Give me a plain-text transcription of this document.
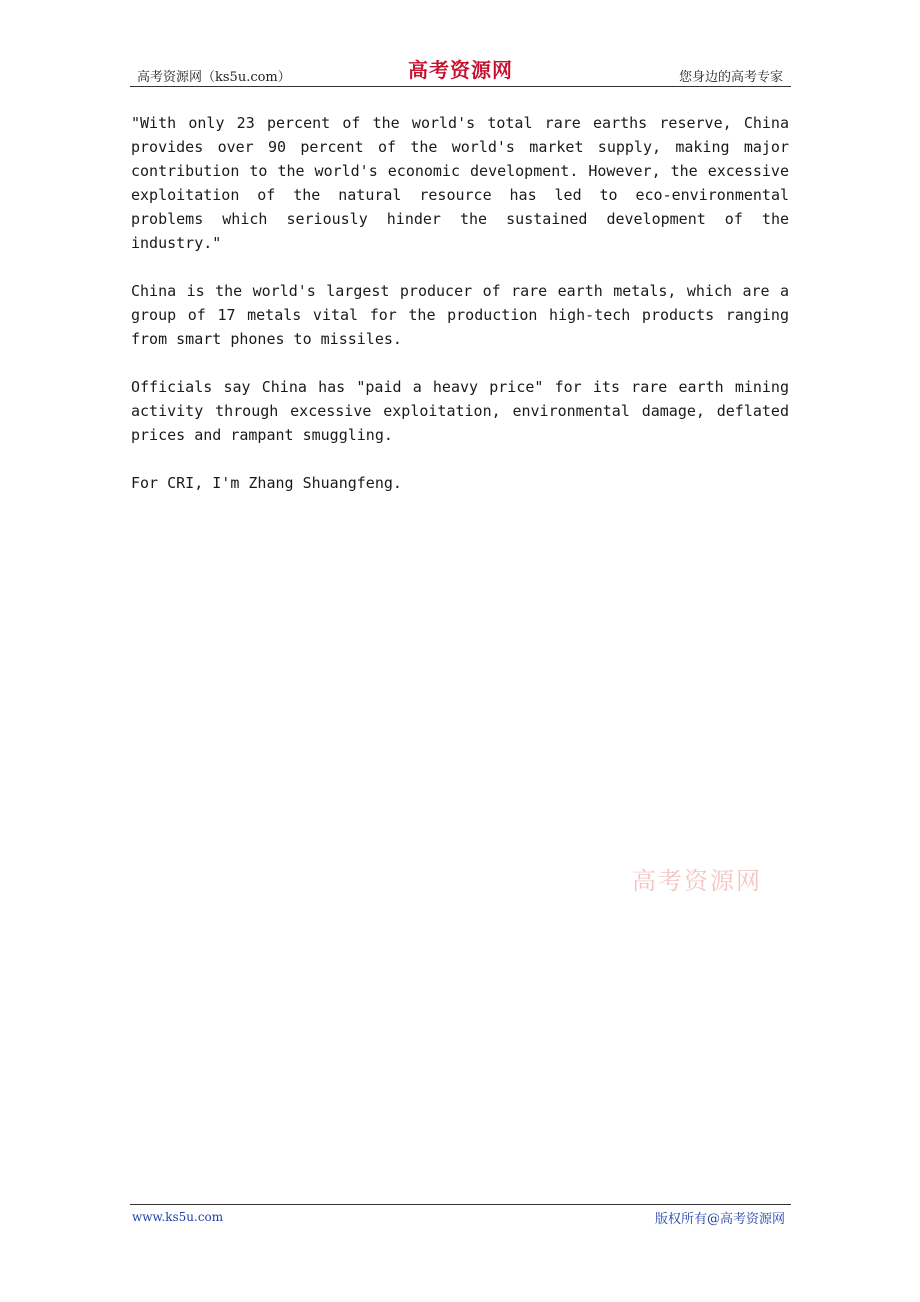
高考资源网（ks5u.com）	高考资源网	您身边的高考专家

"With only 23 percent of the world's total rare earths reserve, China provides over 90 percent of the world's market supply, making major contribution to the world's economic development. However, the excessive exploitation of the natural resource has led to eco-environmental problems which seriously hinder the sustained development of the industry."

China is the world's largest producer of rare earth metals, which are a group of 17 metals vital for the production high-tech products ranging from smart phones to missiles.

Officials say China has "paid a heavy price" for its rare earth mining activity through excessive exploitation, environmental damage, deflated prices and rampant smuggling.

For CRI, I'm Zhang Shuangfeng.

高考资源网
www.ks5u.com	版权所有@高考资源网
